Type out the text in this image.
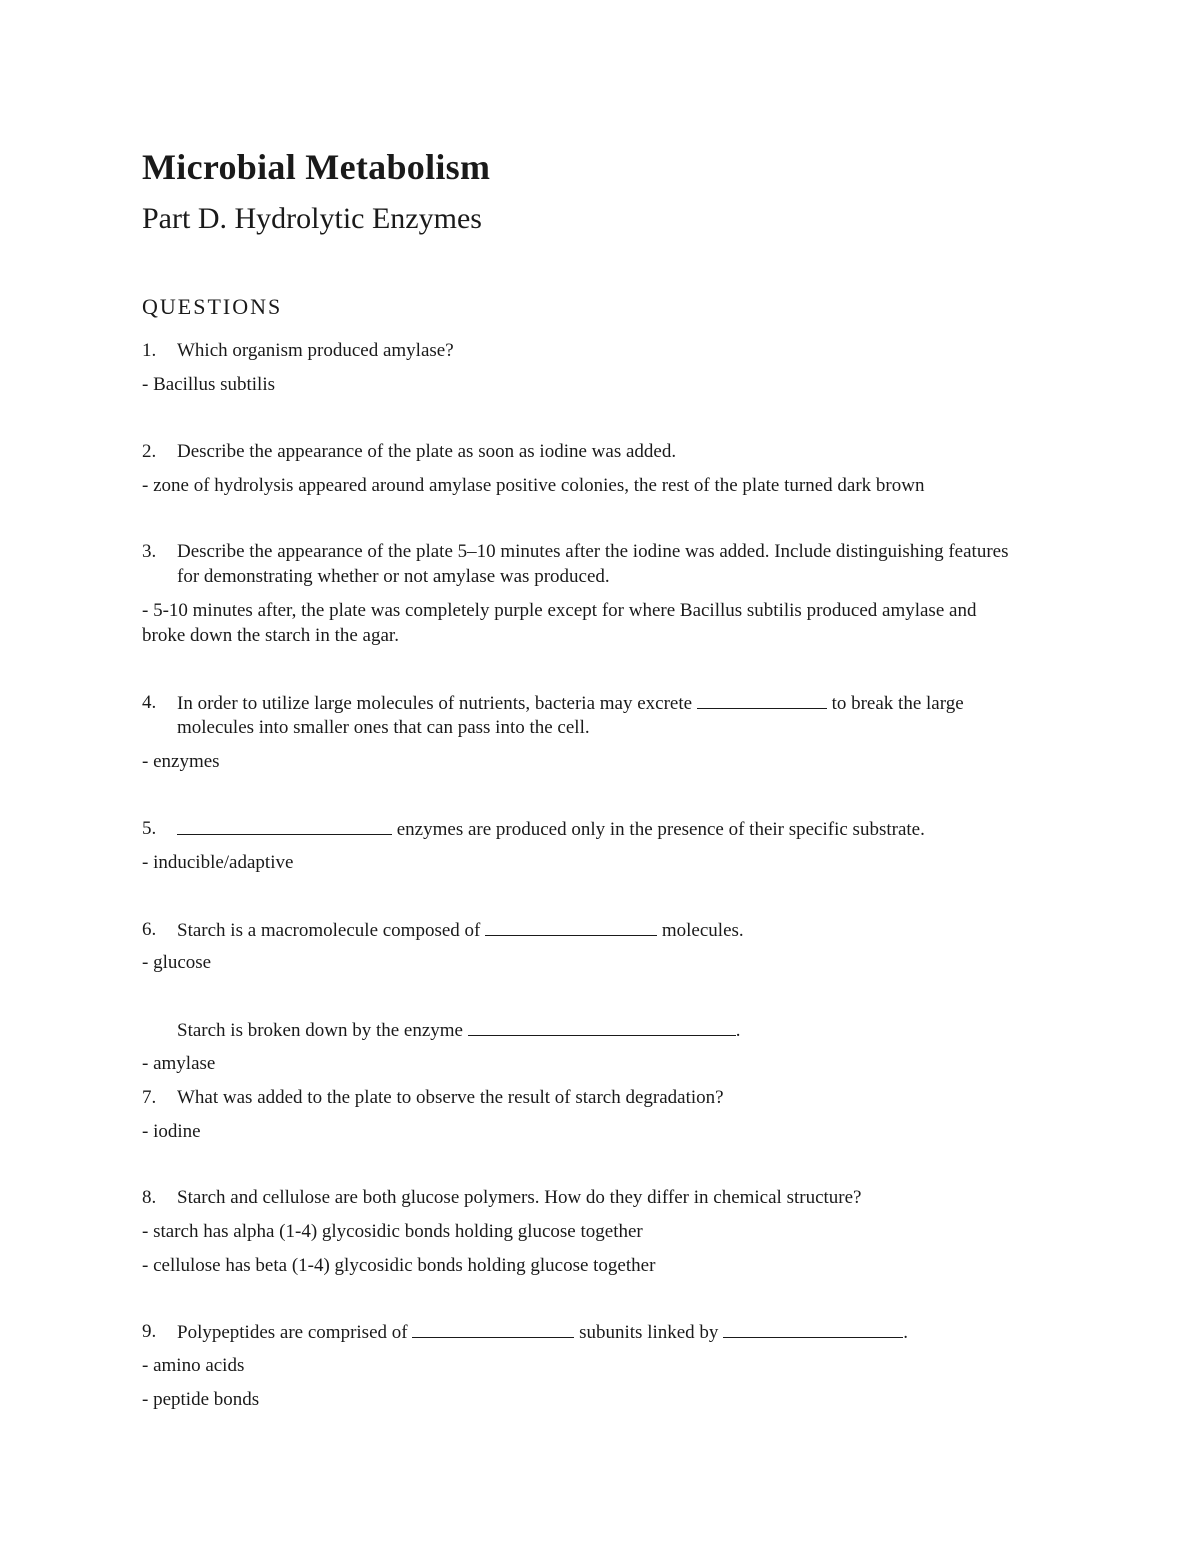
Microbial Metabolism
Part D. Hydrolytic Enzymes
QUESTIONS
1. Which organism produced amylase?
- Bacillus subtilis
2. Describe the appearance of the plate as soon as iodine was added.
- zone of hydrolysis appeared around amylase positive colonies, the rest of the plate turned dark brown
3. Describe the appearance of the plate 5–10 minutes after the iodine was added. Include distinguishing features
for demonstrating whether or not amylase was produced.
- 5-10 minutes after, the plate was completely purple except for where Bacillus subtilis produced amylase and
broke down the starch in the agar.
4. In order to utilize large molecules of nutrients, bacteria may excrete	to break the large
molecules into smaller ones that can pass into the cell.
- enzymes
5.	enzymes are produced only in the presence of their specific substrate.
- inducible/adaptive
6. Starch is a macromolecule composed of	molecules.
- glucose
Starch is broken down by the enzyme	.
- amylase
7. What was added to the plate to observe the result of starch degradation?
- iodine
8. Starch and cellulose are both glucose polymers. How do they differ in chemical structure?
- starch has alpha (1-4) glycosidic bonds holding glucose together
- cellulose has beta (1-4) glycosidic bonds holding glucose together
9. Polypeptides are comprised of	subunits linked by	.
- amino acids
- peptide bonds
